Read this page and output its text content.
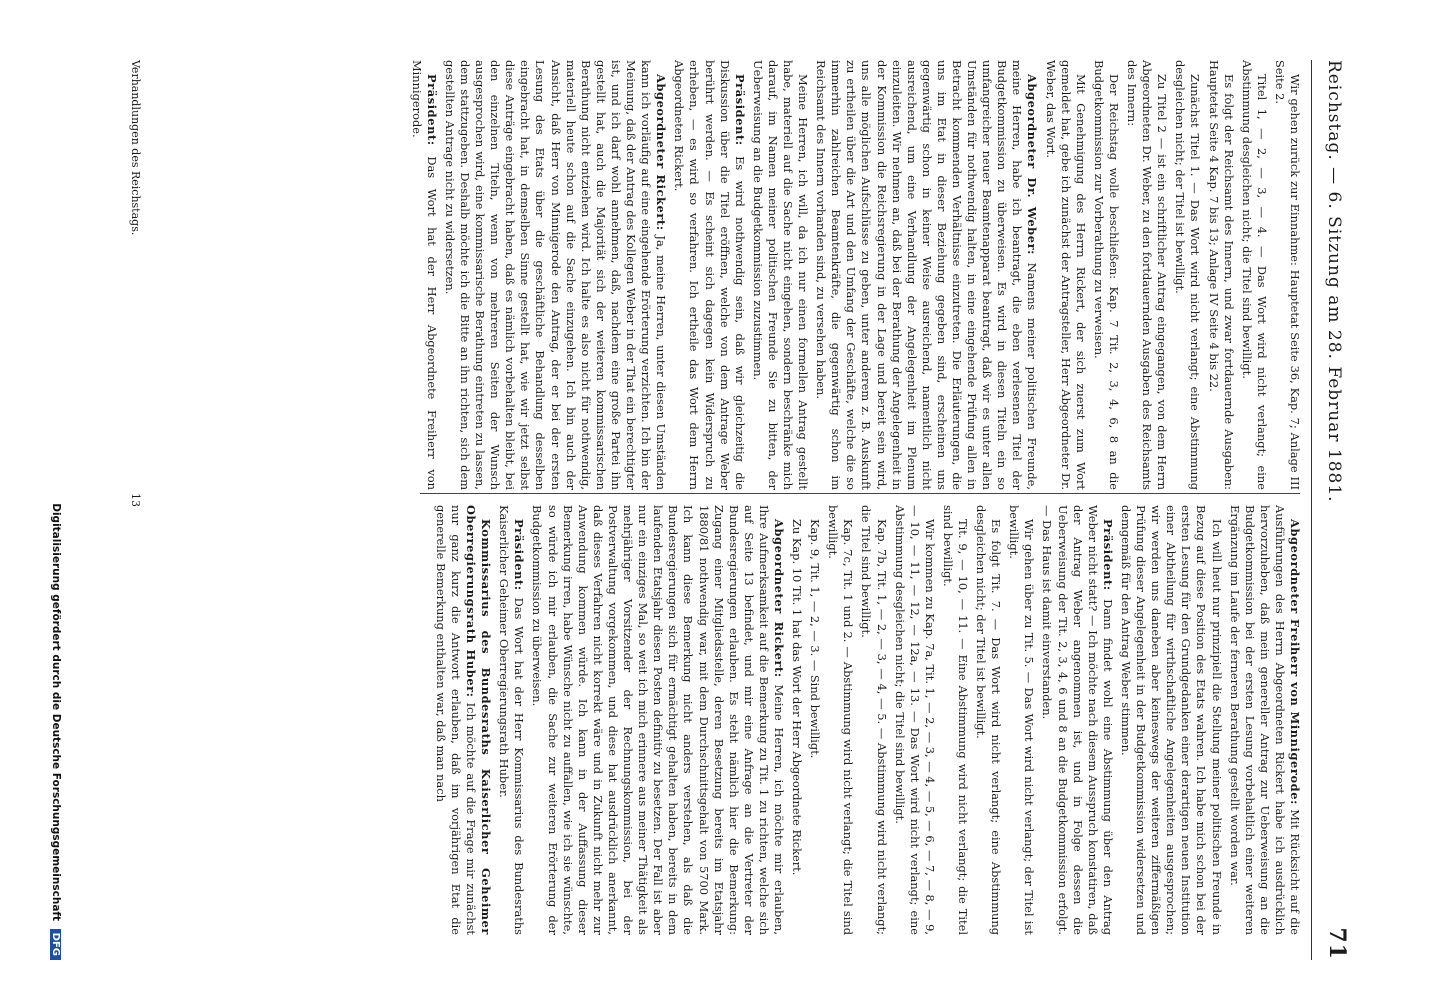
Reichstag. — 6. Sitzung am 28. Februar 1881.
71

Wir gehen zurück zur Einnahme: Hauptetat Seite 36, Kap. 7; Anlage III Seite 2.

Titel 1, — 2, — 3, — 4. — Das Wort wird nicht verlangt; eine Abstimmung desgleichen nicht; die Titel sind bewilligt.

Es folgt der Reichsamt des Innern, und zwar fortdauernde Ausgaben: Hauptetat Seite 4 Kap. 7 bis 13; Anlage IV Seite 4 bis 22.

Zunächst Titel 1. — Das Wort wird nicht verlangt; eine Abstimmung desgleichen nicht; der Titel ist bewilligt.

Zu Titel 2 — ist ein schriftlicher Antrag eingegangen, von dem Herrn Abgeordneten Dr. Weber, zu den fortdauernden Ausgaben des Reichsamts des Innern:

Der Reichstag wolle beschließen: Kap. 7 Tit. 2, 3, 4, 6, 8 an die Budgetkommission zur Vorberathung zu verweisen.

Mit Genehmigung des Herrn Rickert, der sich zuerst zum Wort gemeldet hat, gebe ich zunächst der Antragsteller, Herr Abgeordneter Dr. Weber, das Wort.

Abgeordneter Dr. Weber: Namens meiner politischen Freunde, meine Herren, habe ich beantragt, die eben verlesenen Titel der Budgetkommission zu überweisen. Es wird in diesen Titeln ein so umfangreicher neuer Beamtenapparat beantragt, daß wir es unter allen Umständen für nothwendig halten, in eine eingehende Prüfung allen in Betracht kommenden Verhältnisse einzutreten. Die Erläuterungen, die uns im Etat in dieser Beziehung gegeben sind, erscheinen uns gegenwärtig schon in keiner Weise ausreichend, namentlich nicht ausreichend, um eine Verhandlung der Angelegenheit im Plenum einzuleiten. Wir nehmen an, daß bei der Berathung der Angelegenheit in der Kommission die Reichsregierung in der Lage und bereit sein wird, uns alle möglichen Aufschlüsse zu geben, unter anderem z. B. Auskunft zu ertheilen über die Art und den Umfang der Geschäfte, welche die so immerhin zahlreichen Beamtenkräfte, die gegenwärtig schon im Reichsamt des Innern vorhanden sind, zu versehen haben.

Meine Herren, ich will, da ich nur einen formellen Antrag gestellt habe, materiell auf die Sache nicht eingehen, sondern beschränke mich darauf, im Namen meiner politischen Freunde Sie zu bitten, der Ueberweisung an die Budgetkommission zuzustimmen.

Präsident: Es wird nothwendig sein, daß wir gleichzeitig die Diskussion über die Titel eröffnen, welche von dem Antrage Weber berührt werden. — Es scheint sich dagegen kein Widerspruch zu erheben, — es wird so verfahren. Ich ertheile das Wort dem Herrn Abgeordneten Rickert.

Abgeordneter Rickert: Ja, meine Herren, unter diesen Umständen kann ich vorläufig auf eine eingehende Erörterung verzichten. Ich bin der Meinung, daß der Antrag des Kollegen Weber in der That ein berechtigter ist, und ich darf wohl annehmen, daß, nachdem eine große Partei ihn gestellt hat, auch die Majorität sich der weiteren kommissarischen Berathung nicht entziehen wird. Ich halte es also nicht für nothwendig, materiell heute schon auf die Sache einzugehen. Ich bin auch der Ansicht, daß Herr von Minnigerode den Antrag, der er bei der ersten Lesung des Etats über die geschäftliche Behandlung desselben eingebracht hat, in demselben Sinne gestellt hat, wie wir jetzt selbst diese Anträge eingebracht haben, daß es nämlich vorbehalten bleibt, bei den einzelnen Titeln, wenn von mehreren Seiten der Wunsch ausgesprochen wird, eine kommissarische Berathung eintreten zu lassen, dem stattzugeben. Deshalb möchte ich die Bitte an ihn richten, sich dem gestellten Antrage nicht zu widersetzen.

Präsident: Das Wort hat der Herr Abgeordnete Freiherr von Minnigerode.

Abgeordneter Freiherr von Minnigerode: Mit Rücksicht auf die Ausführungen des Herrn Abgeordneten Rickert habe ich ausdrücklich hervorzuheben, daß mein genereller Antrag zur Ueberweisung an die Budgetkommission bei der ersten Lesung vorbehaltlich einer weiteren Ergänzung im Laufe der ferneren Berathung gestellt worden war.

Ich will heut nur prinzipiell die Stellung meiner politischen Freunde in Bezug auf diese Position des Etats wahren. Ich habe mich schon bei der ersten Lesung für den Grundgedanken einer derartigen neuen Institution einer Abtheilung für wirthschaftliche Angelegenheiten ausgesprochen; wir werden uns daneben aber keineswegs der weiteren ziffermäßigen Prüfung dieser Angelegenheit in der Budgetkommission widersetzen und demgemäß für den Antrag Weber stimmen.

Präsident: Dann findet wohl eine Abstimmung über den Antrag Weber nicht statt? — Ich möchte nach diesem Ausspruch konstatiren, daß der Antrag Weber angenommen ist, und in Folge dessen die Ueberweisung der Tit. 2, 3, 4, 6 und 8 an die Budgetkommission erfolgt. — Das Haus ist damit einverstanden.

Wir gehen über zu Tit. 5. — Das Wort wird nicht verlangt; der Titel ist bewilligt.

Es folgt Tit. 7. — Das Wort wird nicht verlangt; eine Abstimmung desgleichen nicht; der Titel ist bewilligt.

Tit. 9, — 10, — 11. — Eine Abstimmung wird nicht verlangt; die Titel sind bewilligt.

Wir kommen zu Kap. 7a, Tit. 1, — 2, — 3, — 4, — 5, — 6, — 7, — 8, — 9, — 10, — 11, — 12, — 12a, — 13. — Das Wort wird nicht verlangt; eine Abstimmung desgleichen nicht; die Titel sind bewilligt.

Kap. 7b, Tit. 1, — 2, — 3, — 4, — 5. — Abstimmung wird nicht verlangt; die Titel sind bewilligt.

Kap. 7c, Tit. 1 und 2. — Abstimmung wird nicht verlangt; die Titel sind bewilligt.

Kap. 9, Tit. 1, — 2, — 3. — Sind bewilligt.

Zu Kap. 10 Tit. 1 hat das Wort der Herr Abgeordnete Rickert.

Abgeordneter Rickert: Meine Herren, ich möchte mir erlauben, Ihre Aufmerksamkeit auf die Bemerkung zu Tit. 1 zu richten, welche sich auf Seite 13 befindet, und mir eine Anfrage an die Vertreter der Bundesregierungen erlauben. Es steht nämlich hier die Bemerkung: Zugang einer Mitgliedsstelle, deren Besetzung bereits im Etatsjahr 1880/81 nothwendig war, mit dem Durchschnittsgehalt von 5700 Mark. Ich kann diese Bemerkung nicht anders verstehen, als daß die Bundesregierungen sich für ermächtigt gehalten haben, bereits in dem laufenden Etatsjahr diesen Posten definitiv zu besetzen. Der Fall ist aber nur ein einziges Mal, so weit ich mich erinnere aus meiner Thätigkeit als mehrjähriger Vorsitzender der Rechnungskommission, bei der Postverwaltung vorgekommen, und diese hat ausdrücklich anerkannt, daß dieses Verfahren nicht korrekt wäre und in Zukunft nicht mehr zur Anwendung kommen würde. Ich kann in der Auffassung dieser Bemerkung irren, habe Wünsche nicht zu auffallen, wie ich sie wünschte, so würde ich mir erlauben, die Sache zur weiteren Erörterung der Budgetkommission zu überweisen.

Präsident: Das Wort hat der Herr Kommissarius des Bundesraths Kaiserlicher Geheimer Oberregierungsrath Huber.

Kommissarius des Bundesraths Kaiserlicher Geheimer Oberregierungsrath Huber: Ich möchte auf die Frage mir zunächst nur ganz kurz die Antwort erlauben, daß im vorjährigen Etat die generelle Bemerkung enthalten war, daß man nach

Verhandlungen des Reichstags.
13
Digitalisierung gefördert durch die Deutsche Forschungsgemeinschaft DFG
